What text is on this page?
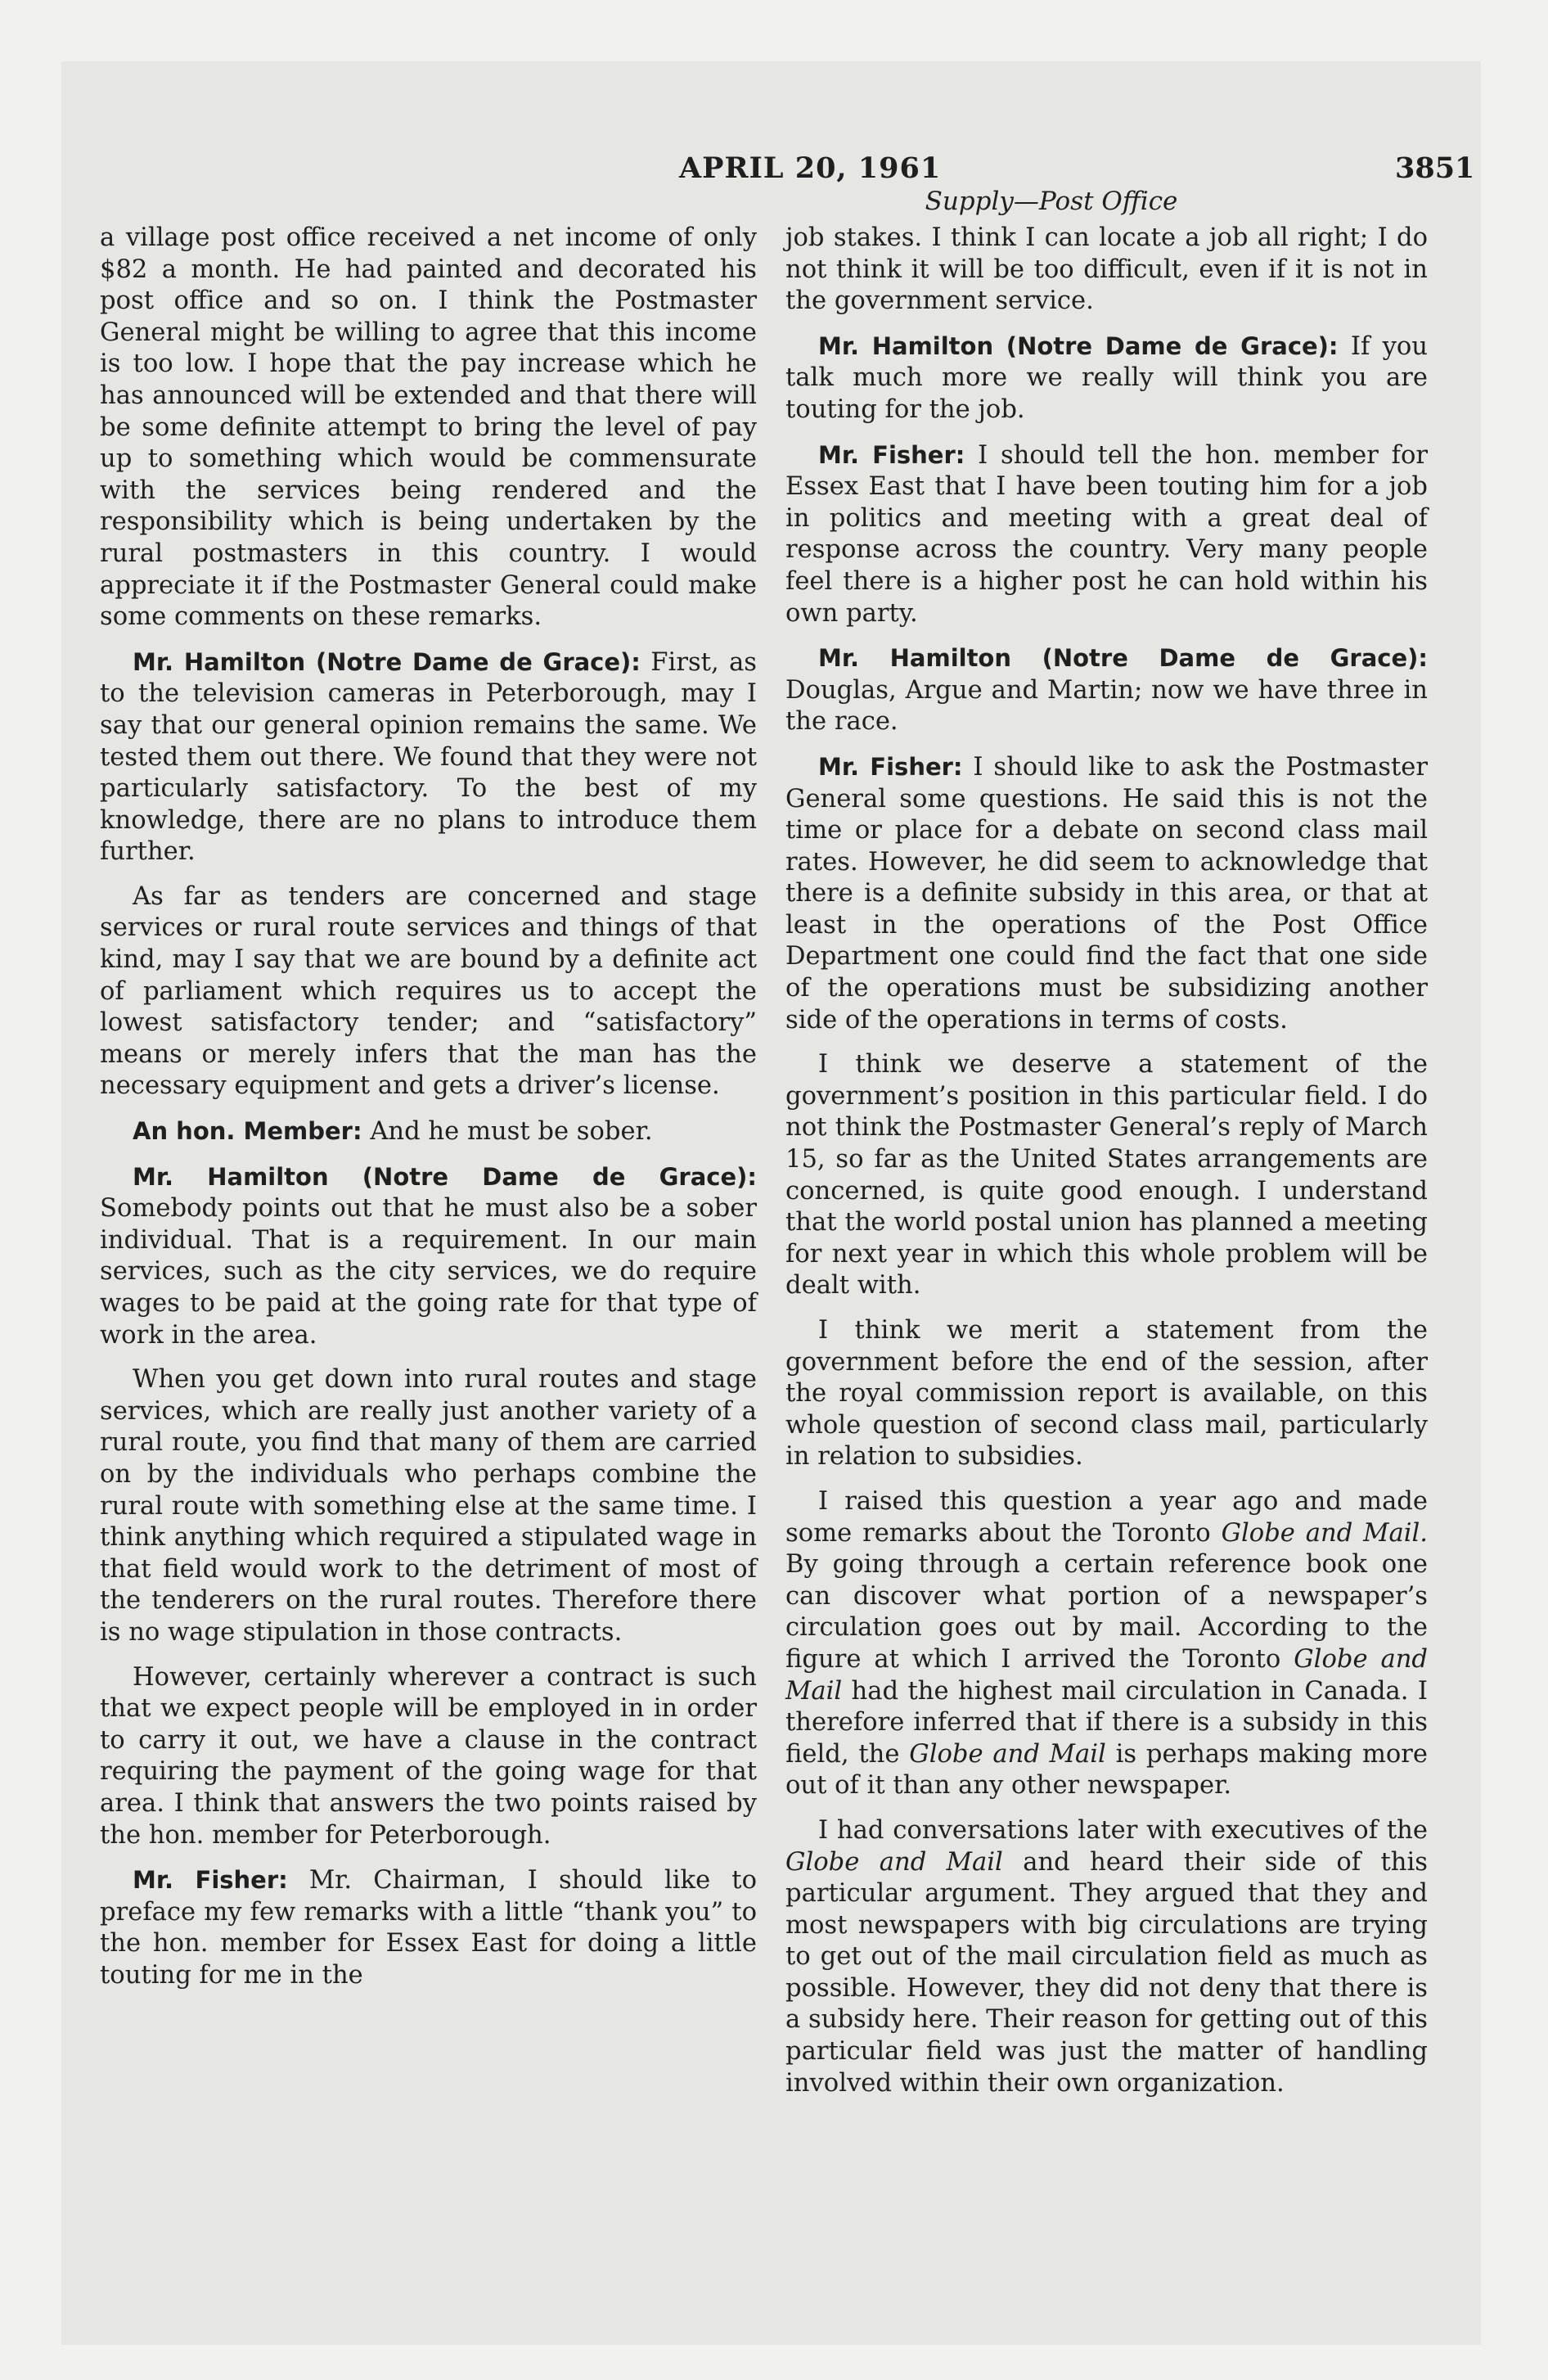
APRIL 20, 1961	3851
Supply—Post Office

a village post office received a net income of only $82 a month. He had painted and decorated his post office and so on. I think the Postmaster General might be willing to agree that this income is too low. I hope that the pay increase which he has announced will be extended and that there will be some definite attempt to bring the level of pay up to something which would be commensurate with the services being rendered and the responsibility which is being undertaken by the rural postmasters in this country. I would appreciate it if the Postmaster General could make some comments on these remarks.

Mr. Hamilton (Notre Dame de Grace): First, as to the television cameras in Peterborough, may I say that our general opinion remains the same. We tested them out there. We found that they were not particularly satisfactory. To the best of my knowledge, there are no plans to introduce them further.

As far as tenders are concerned and stage services or rural route services and things of that kind, may I say that we are bound by a definite act of parliament which requires us to accept the lowest satisfactory tender; and “satisfactory” means or merely infers that the man has the necessary equipment and gets a driver’s license.

An hon. Member: And he must be sober.

Mr. Hamilton (Notre Dame de Grace): Somebody points out that he must also be a sober individual. That is a requirement. In our main services, such as the city services, we do require wages to be paid at the going rate for that type of work in the area.

When you get down into rural routes and stage services, which are really just another variety of a rural route, you find that many of them are carried on by the individuals who perhaps combine the rural route with something else at the same time. I think anything which required a stipulated wage in that field would work to the detriment of most of the tenderers on the rural routes. Therefore there is no wage stipulation in those contracts.

However, certainly wherever a contract is such that we expect people will be employed in in order to carry it out, we have a clause in the contract requiring the payment of the going wage for that area. I think that answers the two points raised by the hon. member for Peterborough.

Mr. Fisher: Mr. Chairman, I should like to preface my few remarks with a little “thank you” to the hon. member for Essex East for doing a little touting for me in the

job stakes. I think I can locate a job all right; I do not think it will be too difficult, even if it is not in the government service.

Mr. Hamilton (Notre Dame de Grace): If you talk much more we really will think you are touting for the job.

Mr. Fisher: I should tell the hon. member for Essex East that I have been touting him for a job in politics and meeting with a great deal of response across the country. Very many people feel there is a higher post he can hold within his own party.

Mr. Hamilton (Notre Dame de Grace): Douglas, Argue and Martin; now we have three in the race.

Mr. Fisher: I should like to ask the Postmaster General some questions. He said this is not the time or place for a debate on second class mail rates. However, he did seem to acknowledge that there is a definite subsidy in this area, or that at least in the operations of the Post Office Department one could find the fact that one side of the operations must be subsidizing another side of the operations in terms of costs.

I think we deserve a statement of the government’s position in this particular field. I do not think the Postmaster General’s reply of March 15, so far as the United States arrangements are concerned, is quite good enough. I understand that the world postal union has planned a meeting for next year in which this whole problem will be dealt with.

I think we merit a statement from the government before the end of the session, after the royal commission report is available, on this whole question of second class mail, particularly in relation to subsidies.

I raised this question a year ago and made some remarks about the Toronto Globe and Mail. By going through a certain reference book one can discover what portion of a newspaper’s circulation goes out by mail. According to the figure at which I arrived the Toronto Globe and Mail had the highest mail circulation in Canada. I therefore inferred that if there is a subsidy in this field, the Globe and Mail is perhaps making more out of it than any other newspaper.

I had conversations later with executives of the Globe and Mail and heard their side of this particular argument. They argued that they and most newspapers with big circulations are trying to get out of the mail circulation field as much as possible. However, they did not deny that there is a subsidy here. Their reason for getting out of this particular field was just the matter of handling involved within their own organization.
